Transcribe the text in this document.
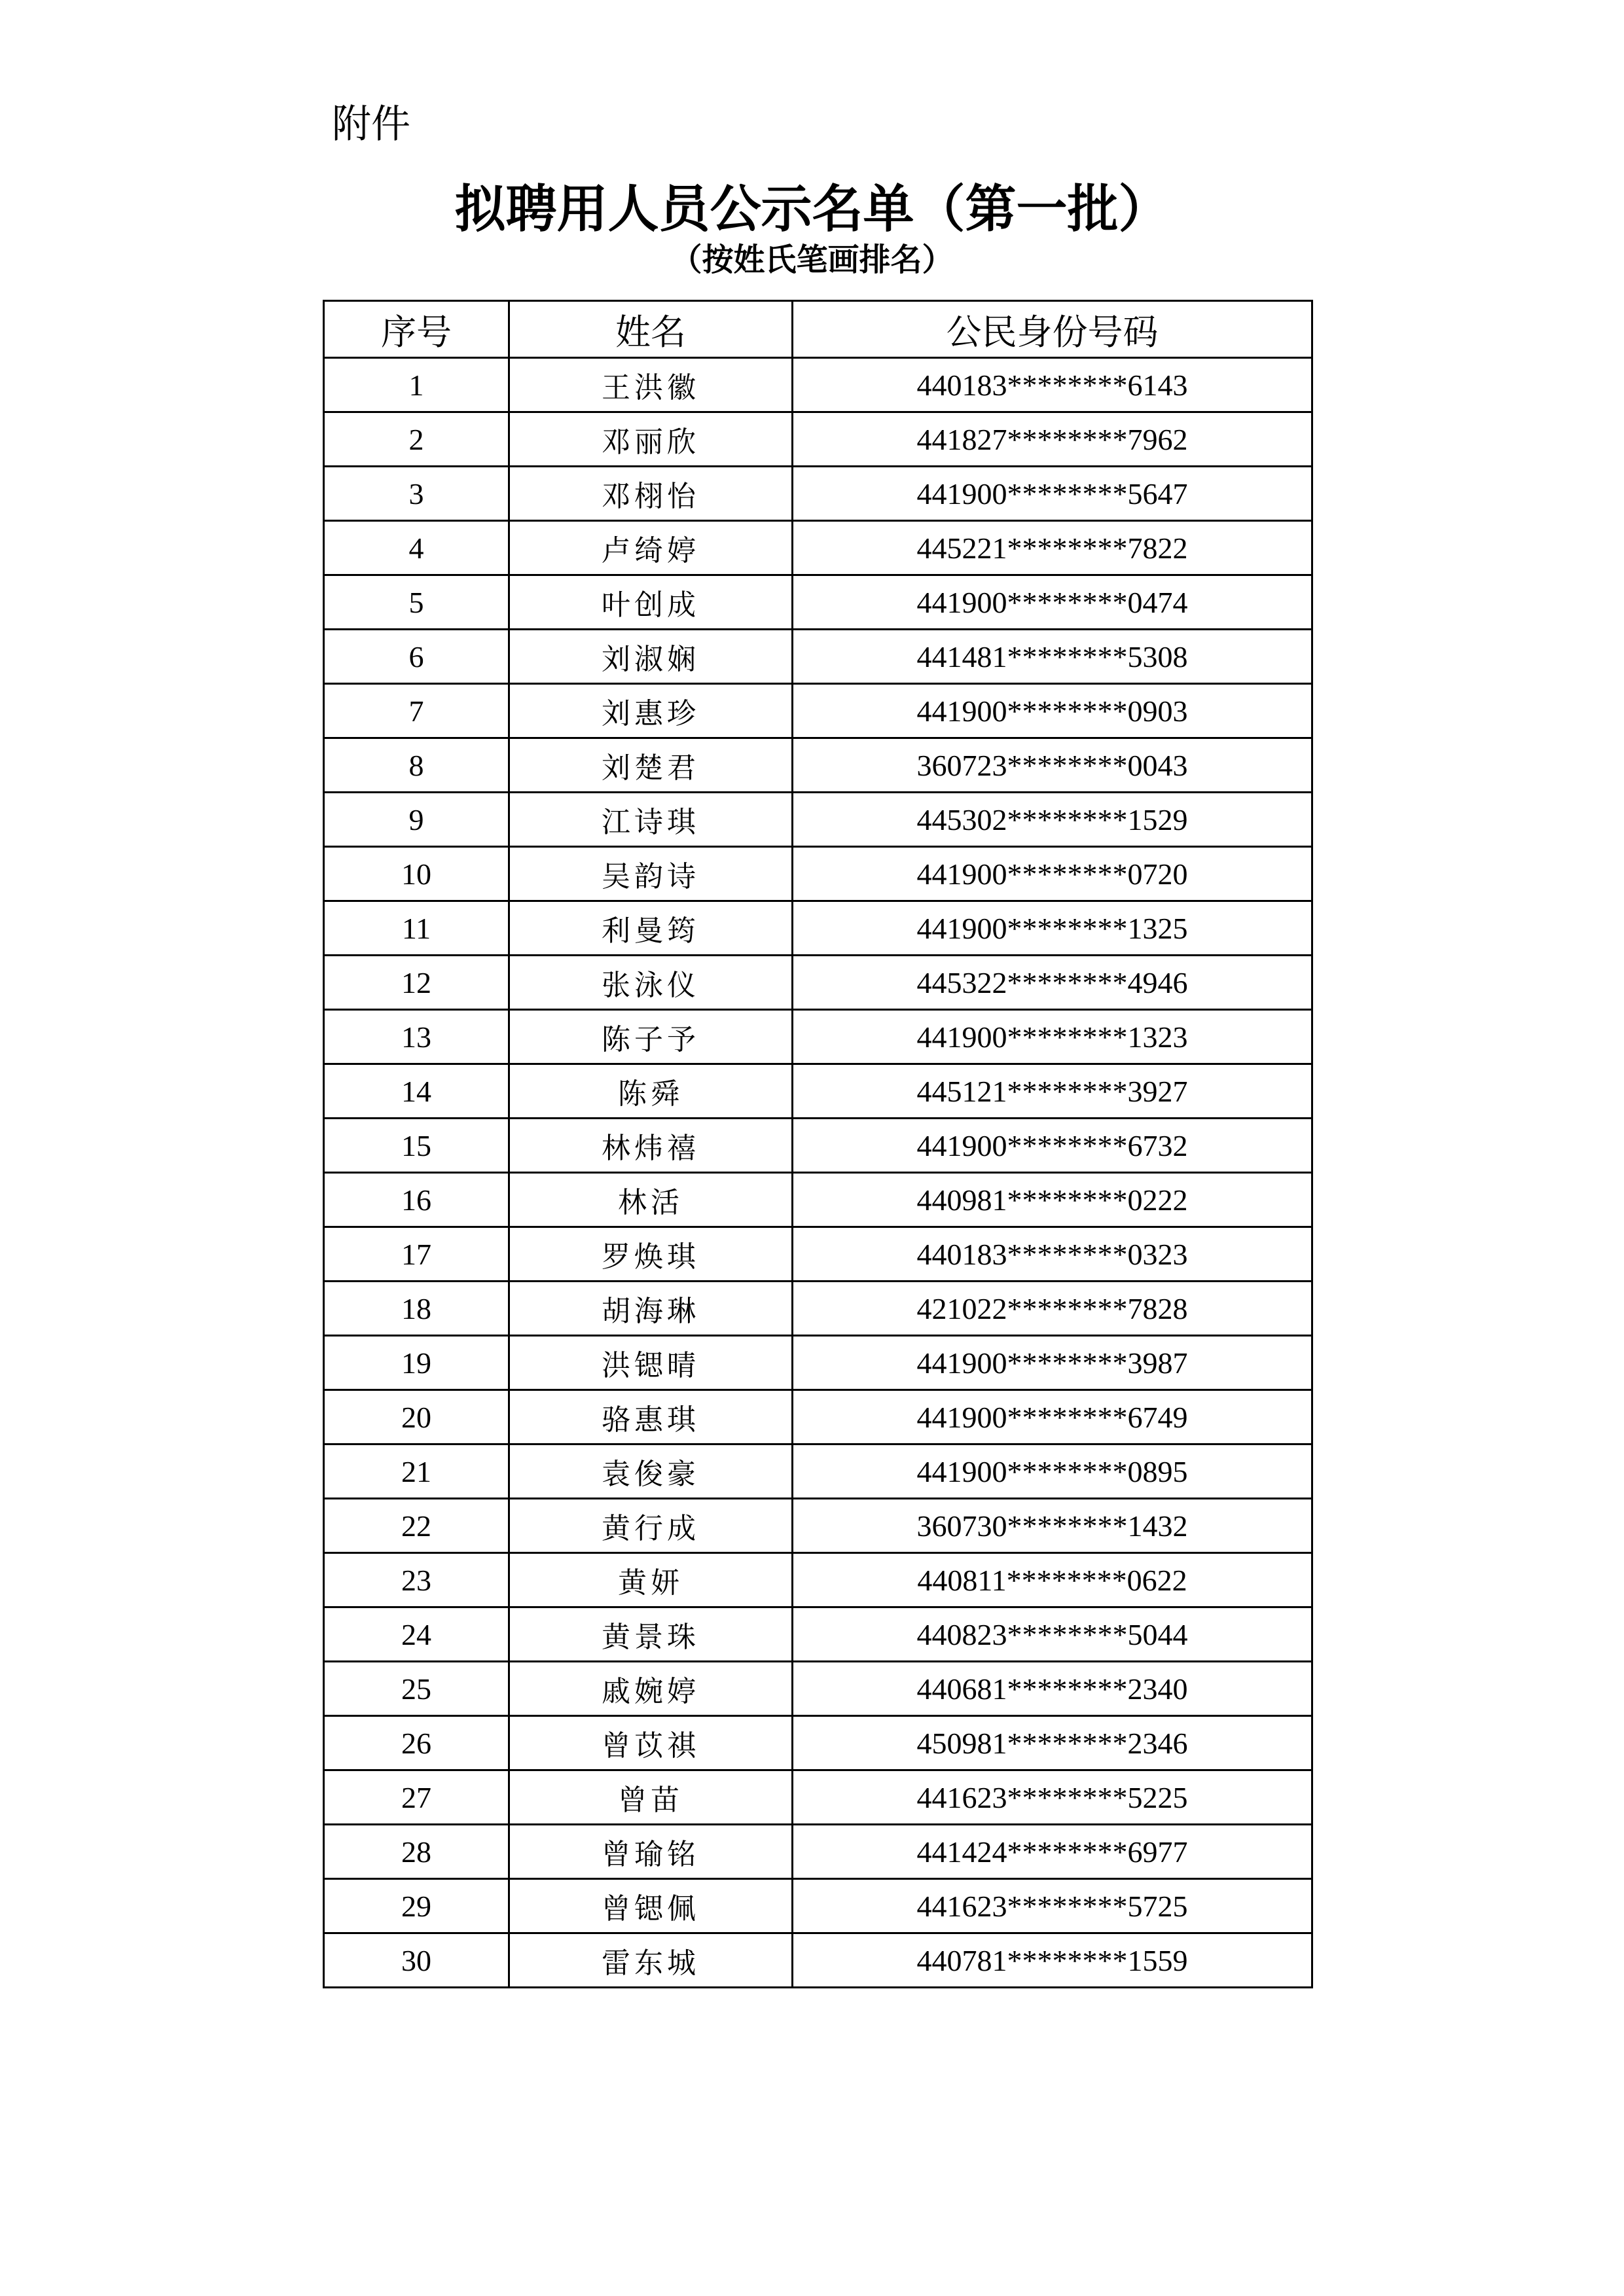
附件

拟聘用人员公示名单（第一批）

（按姓氏笔画排名）

序号	姓名	公民身份号码
1	王洪徽	440183********6143
2	邓丽欣	441827********7962
3	邓栩怡	441900********5647
4	卢绮婷	445221********7822
5	叶创成	441900********0474
6	刘淑娴	441481********5308
7	刘惠珍	441900********0903
8	刘楚君	360723********0043
9	江诗琪	445302********1529
10	吴韵诗	441900********0720
11	利曼筠	441900********1325
12	张泳仪	445322********4946
13	陈子予	441900********1323
14	陈舜	445121********3927
15	林炜禧	441900********6732
16	林活	440981********0222
17	罗焕琪	440183********0323
18	胡海琳	421022********7828
19	洪锶晴	441900********3987
20	骆惠琪	441900********6749
21	袁俊豪	441900********0895
22	黄行成	360730********1432
23	黄妍	440811********0622
24	黄景珠	440823********5044
25	戚婉婷	440681********2340
26	曾苡祺	450981********2346
27	曾苗	441623********5225
28	曾瑜铭	441424********6977
29	曾锶佩	441623********5725
30	雷东城	440781********1559
